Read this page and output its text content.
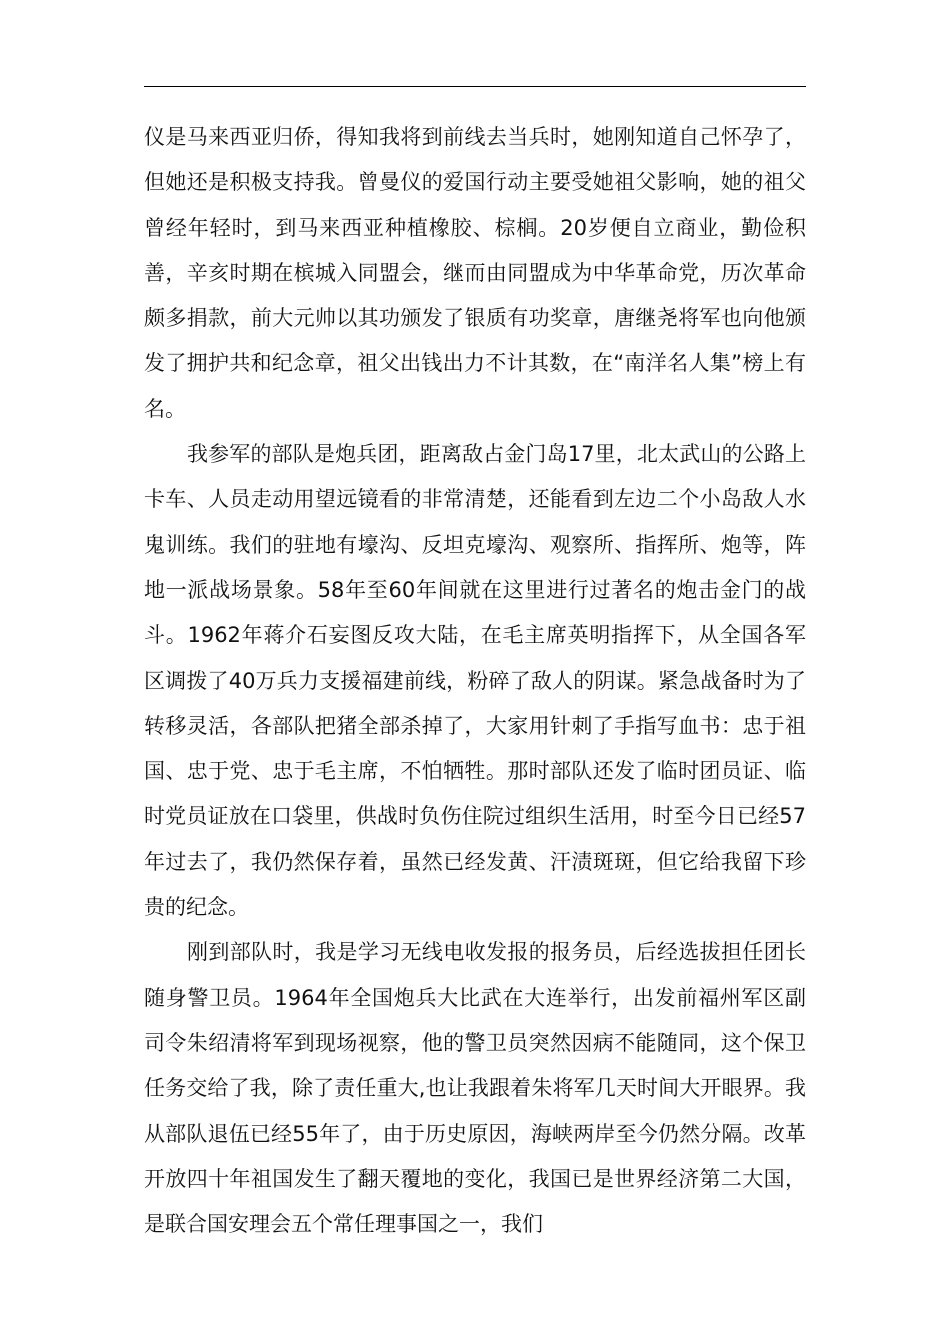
仪是马来西亚归侨，得知我将到前线去当兵时，她刚知道自己怀孕了，但她还是积极支持我。曾曼仪的爱国行动主要受她祖父影响，她的祖父曾经年轻时，到马来西亚种植橡胶、棕榈。20岁便自立商业，勤俭积善，辛亥时期在槟城入同盟会，继而由同盟成为中华革命党，历次革命颇多捐款，前大元帅以其功颁发了银质有功奖章，唐继尧将军也向他颁发了拥护共和纪念章，祖父出钱出力不计其数，在“南洋名人集”榜上有名。

我参军的部队是炮兵团，距离敌占金门岛17里，北太武山的公路上卡车、人员走动用望远镜看的非常清楚，还能看到左边二个小岛敌人水鬼训练。我们的驻地有壕沟、反坦克壕沟、观察所、指挥所、炮等，阵地一派战场景象。58年至60年间就在这里进行过著名的炮击金门的战斗。1962年蒋介石妄图反攻大陆，在毛主席英明指挥下，从全国各军区调拨了40万兵力支援福建前线，粉碎了敌人的阴谋。紧急战备时为了转移灵活，各部队把猪全部杀掉了，大家用针刺了手指写血书：忠于祖国、忠于党、忠于毛主席，不怕牺牲。那时部队还发了临时团员证、临时党员证放在口袋里，供战时负伤住院过组织生活用，时至今日已经57年过去了，我仍然保存着，虽然已经发黄、汗渍斑斑，但它给我留下珍贵的纪念。

刚到部队时，我是学习无线电收发报的报务员，后经选拔担任团长随身警卫员。1964年全国炮兵大比武在大连举行，出发前福州军区副司令朱绍清将军到现场视察，他的警卫员突然因病不能随同，这个保卫任务交给了我，除了责任重大,也让我跟着朱将军几天时间大开眼界。我从部队退伍已经55年了，由于历史原因，海峡两岸至今仍然分隔。改革开放四十年祖国发生了翻天覆地的变化，我国已是世界经济第二大国，是联合国安理会五个常任理事国之一，我们
